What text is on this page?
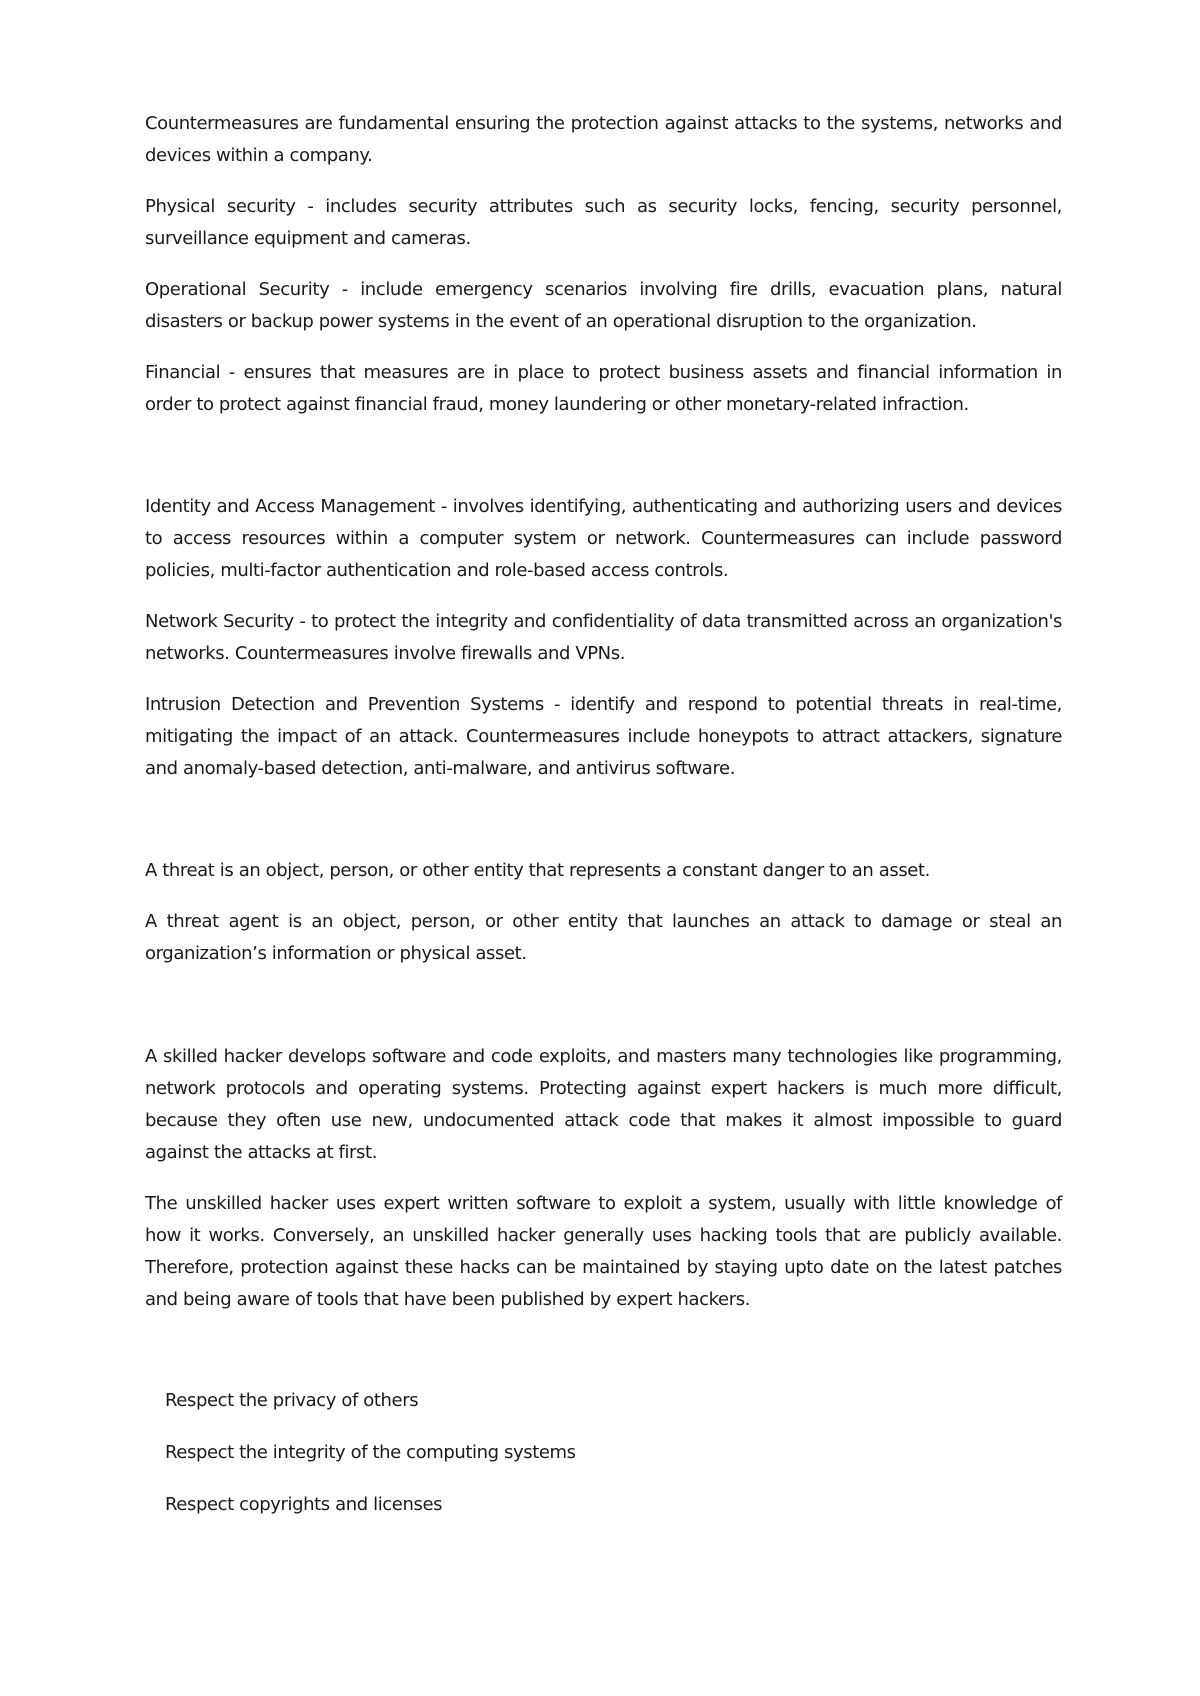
Countermeasures are fundamental ensuring the protection against attacks to the systems, networks and devices within a company.

Physical security - includes security attributes such as security locks, fencing, security personnel, surveillance equipment and cameras.

Operational Security - include emergency scenarios involving fire drills, evacuation plans, natural disasters or backup power systems in the event of an operational disruption to the organization.

Financial - ensures that measures are in place to protect business assets and financial information in order to protect against financial fraud, money laundering or other monetary-related infraction.

Identity and Access Management - involves identifying, authenticating and authorizing users and devices to access resources within a computer system or network. Countermeasures can include password policies, multi-factor authentication and role-based access controls.

Network Security - to protect the integrity and confidentiality of data transmitted across an organization's networks. Countermeasures involve firewalls and VPNs.

Intrusion Detection and Prevention Systems - identify and respond to potential threats in real-time, mitigating the impact of an attack. Countermeasures include honeypots to attract attackers, signature and anomaly-based detection, anti-malware, and antivirus software.

A threat is an object, person, or other entity that represents a constant danger to an asset.

A threat agent is an object, person, or other entity that launches an attack to damage or steal an organization’s information or physical asset.

A skilled hacker develops software and code exploits, and masters many technologies like programming, network protocols and operating systems. Protecting against expert hackers is much more difficult, because they often use new, undocumented attack code that makes it almost impossible to guard against the attacks at first.

The unskilled hacker uses expert written software to exploit a system, usually with little knowledge of how it works. Conversely, an unskilled hacker generally uses hacking tools that are publicly available. Therefore, protection against these hacks can be maintained by staying upto date on the latest patches and being aware of tools that have been published by expert hackers.

Respect the privacy of others

Respect the integrity of the computing systems

Respect copyrights and licenses
